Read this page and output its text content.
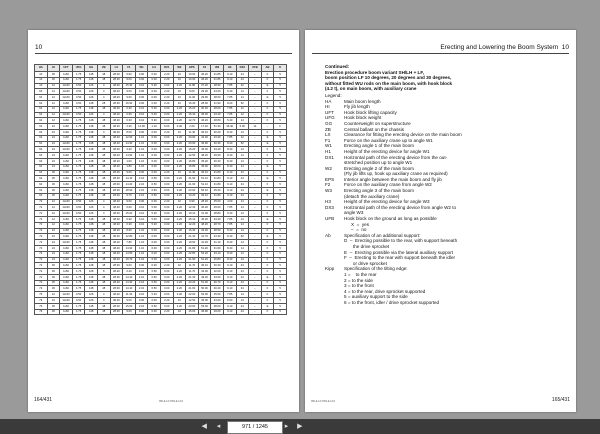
10
HA	HI	UFT	UFG	GG	ZB	LX	F1	W1	H1	DX1	W2	EPS	F2	W3	H3	DX3	UFB	AB	K
10	36	1x60	1.75	148	48	28.30	9.00	0.00	0.00	2.20	10	10.00	36.20	21.85	9.10	44	–	F	5
10	36	1x60	1.75	148	48	28.30	9.00	0.00	0.00	2.20	10	10.90	36.20	21.85	9.10	44	–	F	5
10	12	1x160	0.50	126	4	48.20	15.30	0.10	5.30	0.00	2.20	11.80	37.20	28.90	7.85	42	–	E	5
64	12	1x160	0.50	126	4	48.20	9.00	0.00	0.00	2.20	10	9.00	29.00	24.00	5.40	14	–	F	5
64	12	1x160	0.50	126	4	48.20	9.00	0.00	0.00	2.20	10	11.00	29.90	28.00	7.85	14	–	E	5
64	12	1x60	0.50	148	28	28.30	16.90	0.00	0.00	2.20	10	16.30	28.00	31.90	8.20	52	–	F	5
64	12	1x60	1.75	148	48	48.20	6.30	0.10	5.30	0.00	2.20	15.20	30.30	28.00	7.85	12	–	F	5
64	12	1x160	0.50	126	4	48.20	6.60	0.10	5.30	0.00	2.20	16.40	45.30	23.40	7.85	12	–	F	5
64	12	1x60	1.75	148	48	48.20	6.30	0.10	5.30	0.00	2.20	12.70	46.20	28.80	5.40	14	–	F	5
64	24	1x60	1.75	148	48	48.20	3.30	14.90	1.10	6.00	0.00	2.20	17.40	51.30	36.40	5.00	14	–	F
64	24	1x60	1.75	148	4	48.20	8.00	0.00	0.00	2.20	10	11.30	36.10	30.20	8.40	14	–	F	5
64	24	1x60	1.75	148	48	48.20	12.60	1.10	6.00	0.00	2.20	20.90	42.30	23.40	7.85	12	–	E	5
64	24	1x160	1.75	148	48	48.20	14.30	1.10	6.00	0.00	2.20	20.90	46.90	30.30	8.40	52	–	E	5
64	24	1x160	1.75	148	48	48.20	3.40	1.10	6.00	0.00	2.20	16.20	45.30	33.40	8.40	14	–	F	5
64	24	1x60	1.75	148	48	48.20	14.90	1.10	6.00	0.00	2.20	12.50	48.20	29.90	8.40	14	–	F	5
64	24	1x60	1.75	148	48	48.20	1.00	1.10	6.00	0.00	2.20	16.80	45.20	30.30	8.40	14	–	F	5
64	24	1x60	1.75	148	48	48.20	1.80	1.10	6.00	0.00	2.20	16.80	45.30	28.00	8.40	14	–	E	5
64	36	1x60	1.75	148	48	28.30	9.00	0.00	0.00	2.20	10	11.30	36.10	31.80	9.10	44	–	F	5
64	36	1x60	1.75	148	48	28.30	14.10	2.10	6.50	0.00	2.20	21.90	51.10	31.80	9.10	44	–	E	5
64	36	1x60	1.75	148	48	28.30	14.20	2.10	6.50	0.00	2.20	21.90	51.10	31.80	9.10	44	–	F	5
64	36	1x60	1.75	148	48	28.30	18.90	2.10	6.50	0.00	2.20	23.90	56.10	35.20	9.10	44	–	E	5
64	36	1x60	1.75	148	48	28.30	9.70	2.10	6.50	0.00	2.20	13.20	36.10	31.80	9.10	44	–	F	5
72	12	1x160	0.50	126	4	48.20	9.00	0.00	0.00	2.20	10	9.90	28.20	25.00	4.00	14	–	F	5
72	12	1x160	0.50	126	4	48.20	6.60	0.10	5.30	0.00	2.20	12.30	36.20	29.60	7.85	14	–	F	5
72	12	1x160	0.50	126	4	48.20	15.00	0.10	5.30	0.00	2.20	19.10	31.00	28.80	9.40	14	–	F	5
72	12	1x60	1.75	148	48	48.20	6.30	0.10	5.30	0.00	2.20	25.10	45.20	33.30	7.85	14	–	E	5
72	12	1x60	1.75	148	48	48.20	6.30	0.10	5.30	0.00	2.20	12.20	48.20	28.70	7.85	14	–	F	5
72	24	1x60	1.75	148	48	48.20	8.60	1.10	6.00	0.00	2.20	16.30	43.30	28.50	8.40	14	–	F	5
72	24	1x60	1.75	148	48	48.20	12.80	1.10	6.00	0.00	2.20	21.40	41.70	24.30	8.40	52	–	E	5
72	24	1x160	1.75	148	48	48.20	7.80	1.10	6.00	0.00	2.20	19.60	41.20	31.10	8.40	14	–	F	5
72	24	1x60	1.75	148	48	48.20	14.90	1.10	6.00	0.00	2.20	21.80	51.20	31.60	8.40	14	–	F	5
72	24	1x60	1.75	148	48	48.20	14.50	1.10	6.00	0.00	2.20	22.80	54.20	33.10	8.40	14	–	F	5
72	24	1x60	1.75	148	48	48.20	19.70	1.10	6.00	0.00	2.20	21.90	51.20	26.80	8.40	14	–	F	5
72	36	1x60	1.75	148	48	28.30	9.00	0.00	0.00	2.20	10	11.70	36.10	30.30	9.10	44	–	F	5
72	36	1x60	1.75	128	8	48.20	2.20	2.10	6.50	0.00	2.20	11.70	43.00	32.00	9.10	44	–	F	5
72	36	1x60	1.75	148	48	28.30	14.10	2.10	6.50	0.00	2.20	21.30	49.20	33.60	9.10	44	–	E	5
72	36	1x60	1.75	148	48	28.30	14.30	2.10	6.50	0.00	2.20	23.20	51.00	36.70	9.10	44	–	F	5
72	36	1x60	1.75	148	48	28.30	14.10	2.10	6.50	0.00	2.20	21.60	50.30	30.40	9.10	44	–	F	5
76	12	1x160	0.50	126	4	48.20	11.30	0.10	5.30	0.00	2.20	22.00	52.00	35.00	7.85	14	–	F	5
76	12	1x160	0.50	126	4	48.20	9.00	0.00	0.00	2.20	10	12.50	45.00	34.00	6.00	14	–	F	5
76	36	1x60	1.75	148	48	28.30	15.00	2.10	6.50	0.00	2.20	23.00	53.00	38.00	9.10	44	–	E	5
76	36	1x60	1.75	148	48	28.30	9.00	0.00	0.00	2.20	10	15.60	36.90	29.00	9.10	44	–	F	5
164/431	95HH-0700HH-02
Erecting and Lowering the Boom System 10
Continued:
Erection procedure boom variant SH/LH + LF,
boom position LF 10 degrees, 20 degrees and 30 degrees,
without fitted WU rods on the main boom, with hook block
(4.2 t), on main boom, with auxiliary crane
Legend:
HA	Main boom length
HI	Fly jib length
UFT	Hook block lifting capacity
UFG	Hook block weight
GG	Counterweight on superstructure
ZB	Central ballast on the chassis
LX	Clearance for fitting the erecting device on the main boom
F1	Force on the auxiliary crane up to angle W1
W1	Erecting angle 1 of the main boom
H1	Height of the erecting device for angle W1
DX1	Horizontal path of the erecting device from the out-
stretched position up to angle W1
W2	Erecting angle 2 of the main boom
(Fly jib lifts up, hook up auxiliary crane as required)
EPS	Interior angle between the main boom and fly jib
F2	Force on the auxiliary crane from angle W2
W3	Erecting angle 3 of the main boom
(detach the auxiliary crane)
H3	Height of the erecting device for angle W3
DX3	Horizontal path of the erecting device from angle W2 to
angle W3
UFB	Hook block on the ground as long as possible
X  =  yes
–  =  no
Ab	Specification of an additional support:
D  –  Erecting possible to the rear, with support beneath
the drive sprocket
E  –  Erecting possible via the lateral auxiliary support
F  –  Erecting to the rear with support beneath the idler
or drive sprocket
Kipp	Specification of the tilting edge:
1 =    to the rear
2 = to the side
3 = to the front
4 = to the rear, drive sprocket supported
5 = auxiliary support to the side
6 = to the front, idler / drive sprocket supported
95HH-0700HH-02	165/431
◀ 	◂
971 / 1245	▸	 ▶
